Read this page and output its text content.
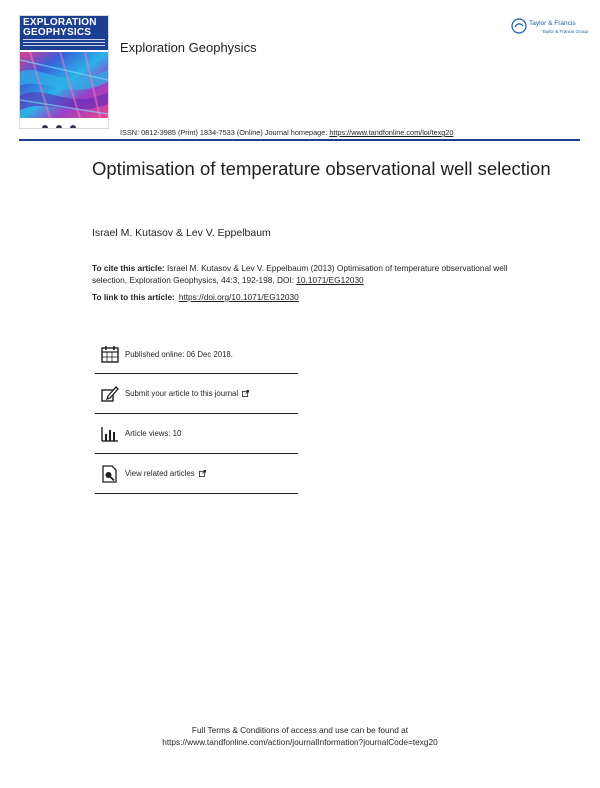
EXPLORATION
GEOPHYSICS
Exploration Geophysics
Taylor & Francis
Taylor & Francis Group
ISSN: 0812-3985 (Print) 1834-7533 (Online) Journal homepage: https://www.tandfonline.com/loi/texg20
Optimisation of temperature observational well selection
Israel M. Kutasov & Lev V. Eppelbaum
To cite this article: Israel M. Kutasov & Lev V. Eppelbaum (2013) Optimisation of temperature observational well selection, Exploration Geophysics, 44:3, 192-198, DOI: 10.1071/EG12030
To link to this article: https://doi.org/10.1071/EG12030
Published online: 06 Dec 2018.
Submit your article to this journal
Article views: 10
View related articles
Full Terms & Conditions of access and use can be found at
https://www.tandfonline.com/action/journalInformation?journalCode=texg20
